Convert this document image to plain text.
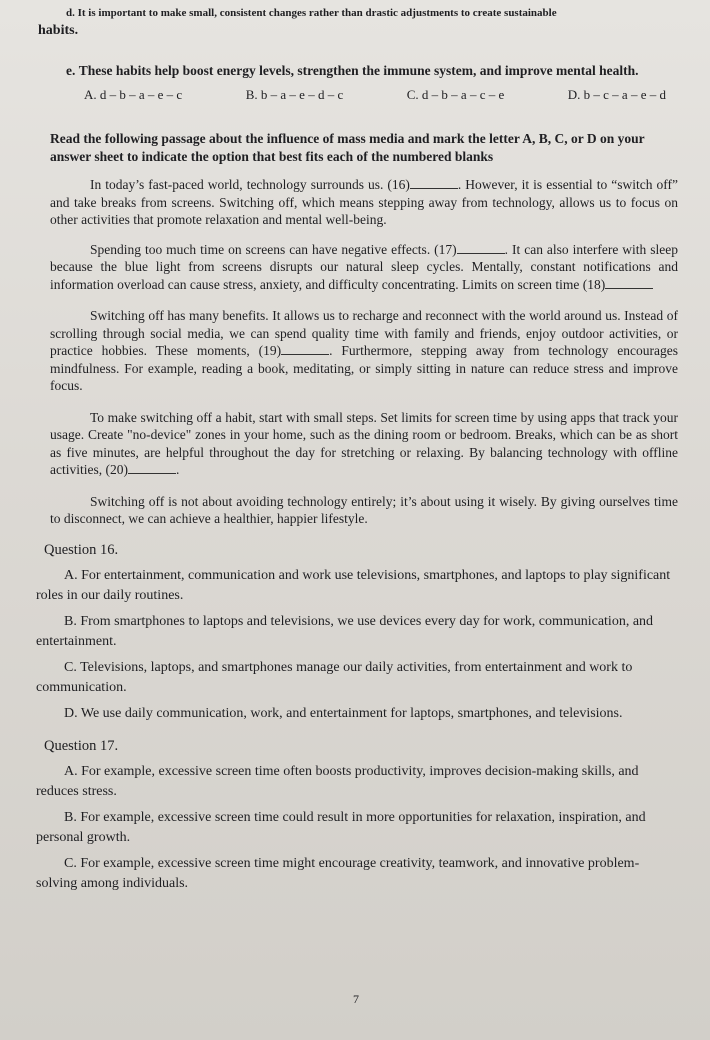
d. It is important to make small, consistent changes rather than drastic adjustments to create sustainable
habits.
e. These habits help boost energy levels, strengthen the immune system, and improve mental health.
A. d – b – a – e – c	B. b – a – e – d – c	C. d – b – a – c – e	D. b – c – a – e – d
Read the following passage about the influence of mass media and mark the letter A, B, C, or D on your answer sheet to indicate the option that best fits each of the numbered blanks
In today’s fast-paced world, technology surrounds us. (16)	. However, it is essential to “switch off” and take breaks from screens. Switching off, which means stepping away from technology, allows us to focus on other activities that promote relaxation and mental well-being.
Spending too much time on screens can have negative effects. (17)	. It can also interfere with sleep because the blue light from screens disrupts our natural sleep cycles. Mentally, constant notifications and information overload can cause stress, anxiety, and difficulty concentrating. Limits on screen time (18)
Switching off has many benefits. It allows us to recharge and reconnect with the world around us. Instead of scrolling through social media, we can spend quality time with family and friends, enjoy outdoor activities, or practice hobbies. These moments, (19)	. Furthermore, stepping away from technology encourages mindfulness. For example, reading a book, meditating, or simply sitting in nature can reduce stress and improve focus.
To make switching off a habit, start with small steps. Set limits for screen time by using apps that track your usage. Create "no-device" zones in your home, such as the dining room or bedroom. Breaks, which can be as short as five minutes, are helpful throughout the day for stretching or relaxing. By balancing technology with offline activities, (20)	.
Switching off is not about avoiding technology entirely; it’s about using it wisely. By giving ourselves time to disconnect, we can achieve a healthier, happier lifestyle.
Question 16.
A. For entertainment, communication and work use televisions, smartphones, and laptops to play significant roles in our daily routines.
B. From smartphones to laptops and televisions, we use devices every day for work, communication, and entertainment.
C. Televisions, laptops, and smartphones manage our daily activities, from entertainment and work to communication.
D. We use daily communication, work, and entertainment for laptops, smartphones, and televisions.
Question 17.
A. For example, excessive screen time often boosts productivity, improves decision-making skills, and reduces stress.
B. For example, excessive screen time could result in more opportunities for relaxation, inspiration, and personal growth.
C. For example, excessive screen time might encourage creativity, teamwork, and innovative problem-solving among individuals.
7
